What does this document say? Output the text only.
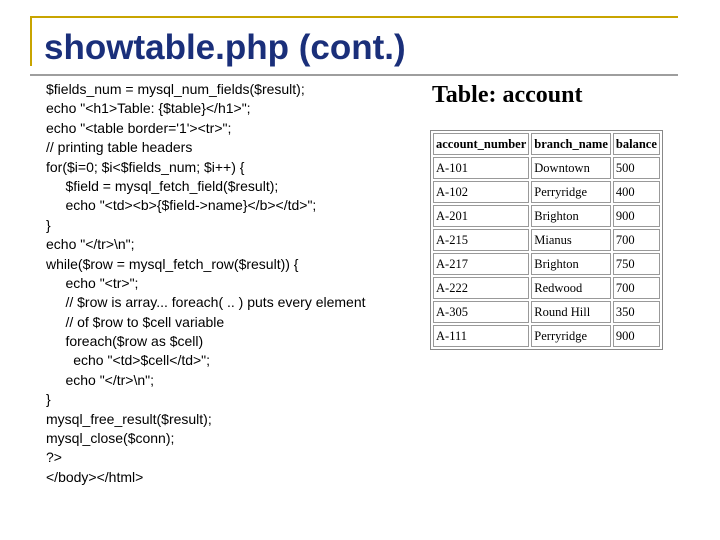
showtable.php (cont.)
$fields_num = mysql_num_fields($result);
echo "<h1>Table: {$table}</h1>";
echo "<table border='1'><tr>";
// printing table headers
for($i=0; $i<$fields_num; $i++) {
$field = mysql_fetch_field($result);
echo "<td><b>{$field->name}</b></td>";
}
echo "</tr>\n";
while($row = mysql_fetch_row($result)) {
echo "<tr>";
// $row is array... foreach( .. ) puts every element
// of $row to $cell variable
foreach($row as $cell)
echo "<td>$cell</td>";
echo "</tr>\n";
}
mysql_free_result($result);
mysql_close($conn);
?>
</body></html>
Table: account
account_number	branch_name	balance
A-101	Downtown	500
A-102	Perryridge	400
A-201	Brighton	900
A-215	Mianus	700
A-217	Brighton	750
A-222	Redwood	700
A-305	Round Hill	350
A-111	Perryridge	900
